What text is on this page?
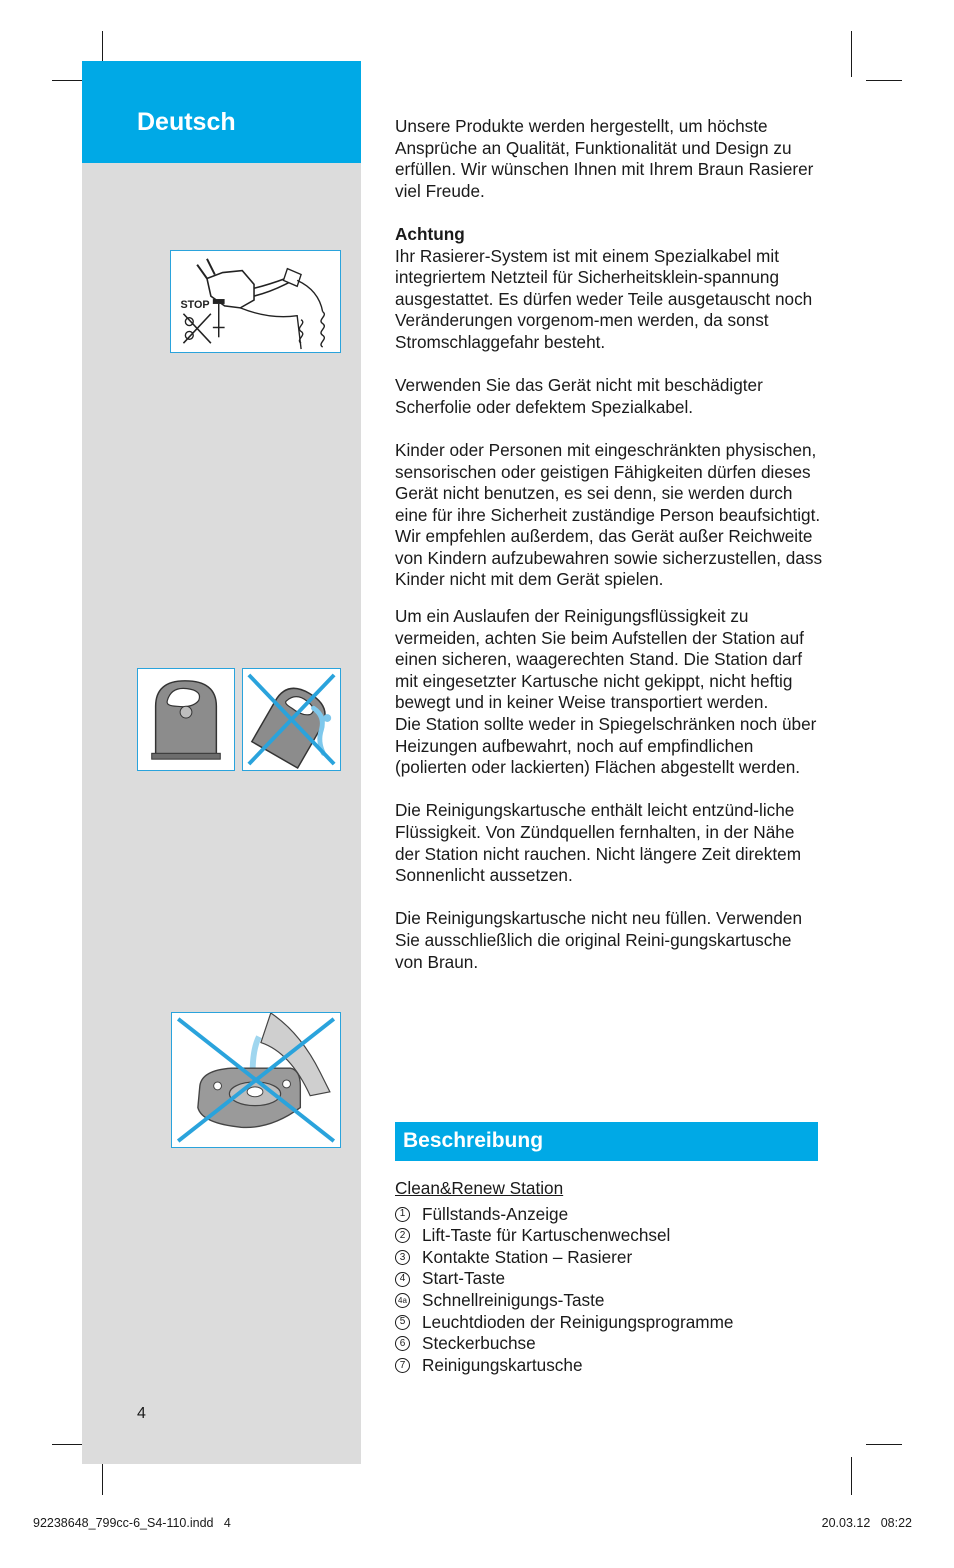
Deutsch
4
STOP

Unsere Produkte werden hergestellt, um höchste Ansprüche an Qualität, Funktionalität und Design zu erfüllen. Wir wünschen Ihnen mit Ihrem Braun Rasierer viel Freude.

Achtung

Ihr Rasierer-System ist mit einem Spezialkabel mit integriertem Netzteil für Sicherheitsklein-spannung ausgestattet. Es dürfen weder Teile ausgetauscht noch Veränderungen vorgenom-men werden, da sonst Stromschlaggefahr besteht.

Verwenden Sie das Gerät nicht mit beschädigter Scherfolie oder defektem Spezialkabel.

Kinder oder Personen mit eingeschränkten physischen, sensorischen oder geistigen Fähigkeiten dürfen dieses Gerät nicht benutzen, es sei denn, sie werden durch eine für ihre Sicherheit zuständige Person beaufsichtigt.

Wir empfehlen außerdem, das Gerät außer Reichweite von Kindern aufzubewahren sowie sicherzustellen, dass Kinder nicht mit dem Gerät spielen.

Um ein Auslaufen der Reinigungsflüssigkeit zu vermeiden, achten Sie beim Aufstellen der Station auf einen sicheren, waagerechten Stand. Die Station darf mit eingesetzter Kartusche nicht gekippt, nicht heftig bewegt und in keiner Weise transportiert werden.

Die Station sollte weder in Spiegelschränken noch über Heizungen aufbewahrt, noch auf empfindlichen (polierten oder lackierten) Flächen abgestellt werden.

Die Reinigungskartusche enthält leicht entzünd-liche Flüssigkeit. Von Zündquellen fernhalten, in der Nähe der Station nicht rauchen. Nicht längere Zeit direktem Sonnenlicht aussetzen.

Die Reinigungskartusche nicht neu füllen. Verwenden Sie ausschließlich die original Reini-gungskartusche von Braun.

Beschreibung

Clean&Renew Station

1 Füllstands-Anzeige
2 Lift-Taste für Kartuschenwechsel
3 Kontakte Station – Rasierer
4 Start-Taste
4a Schnellreinigungs-Taste
5 Leuchtdioden der Reinigungsprogramme
6 Steckerbuchse
7 Reinigungskartusche
92238648_799cc-6_S4-110.indd   4	20.03.12   08:22
